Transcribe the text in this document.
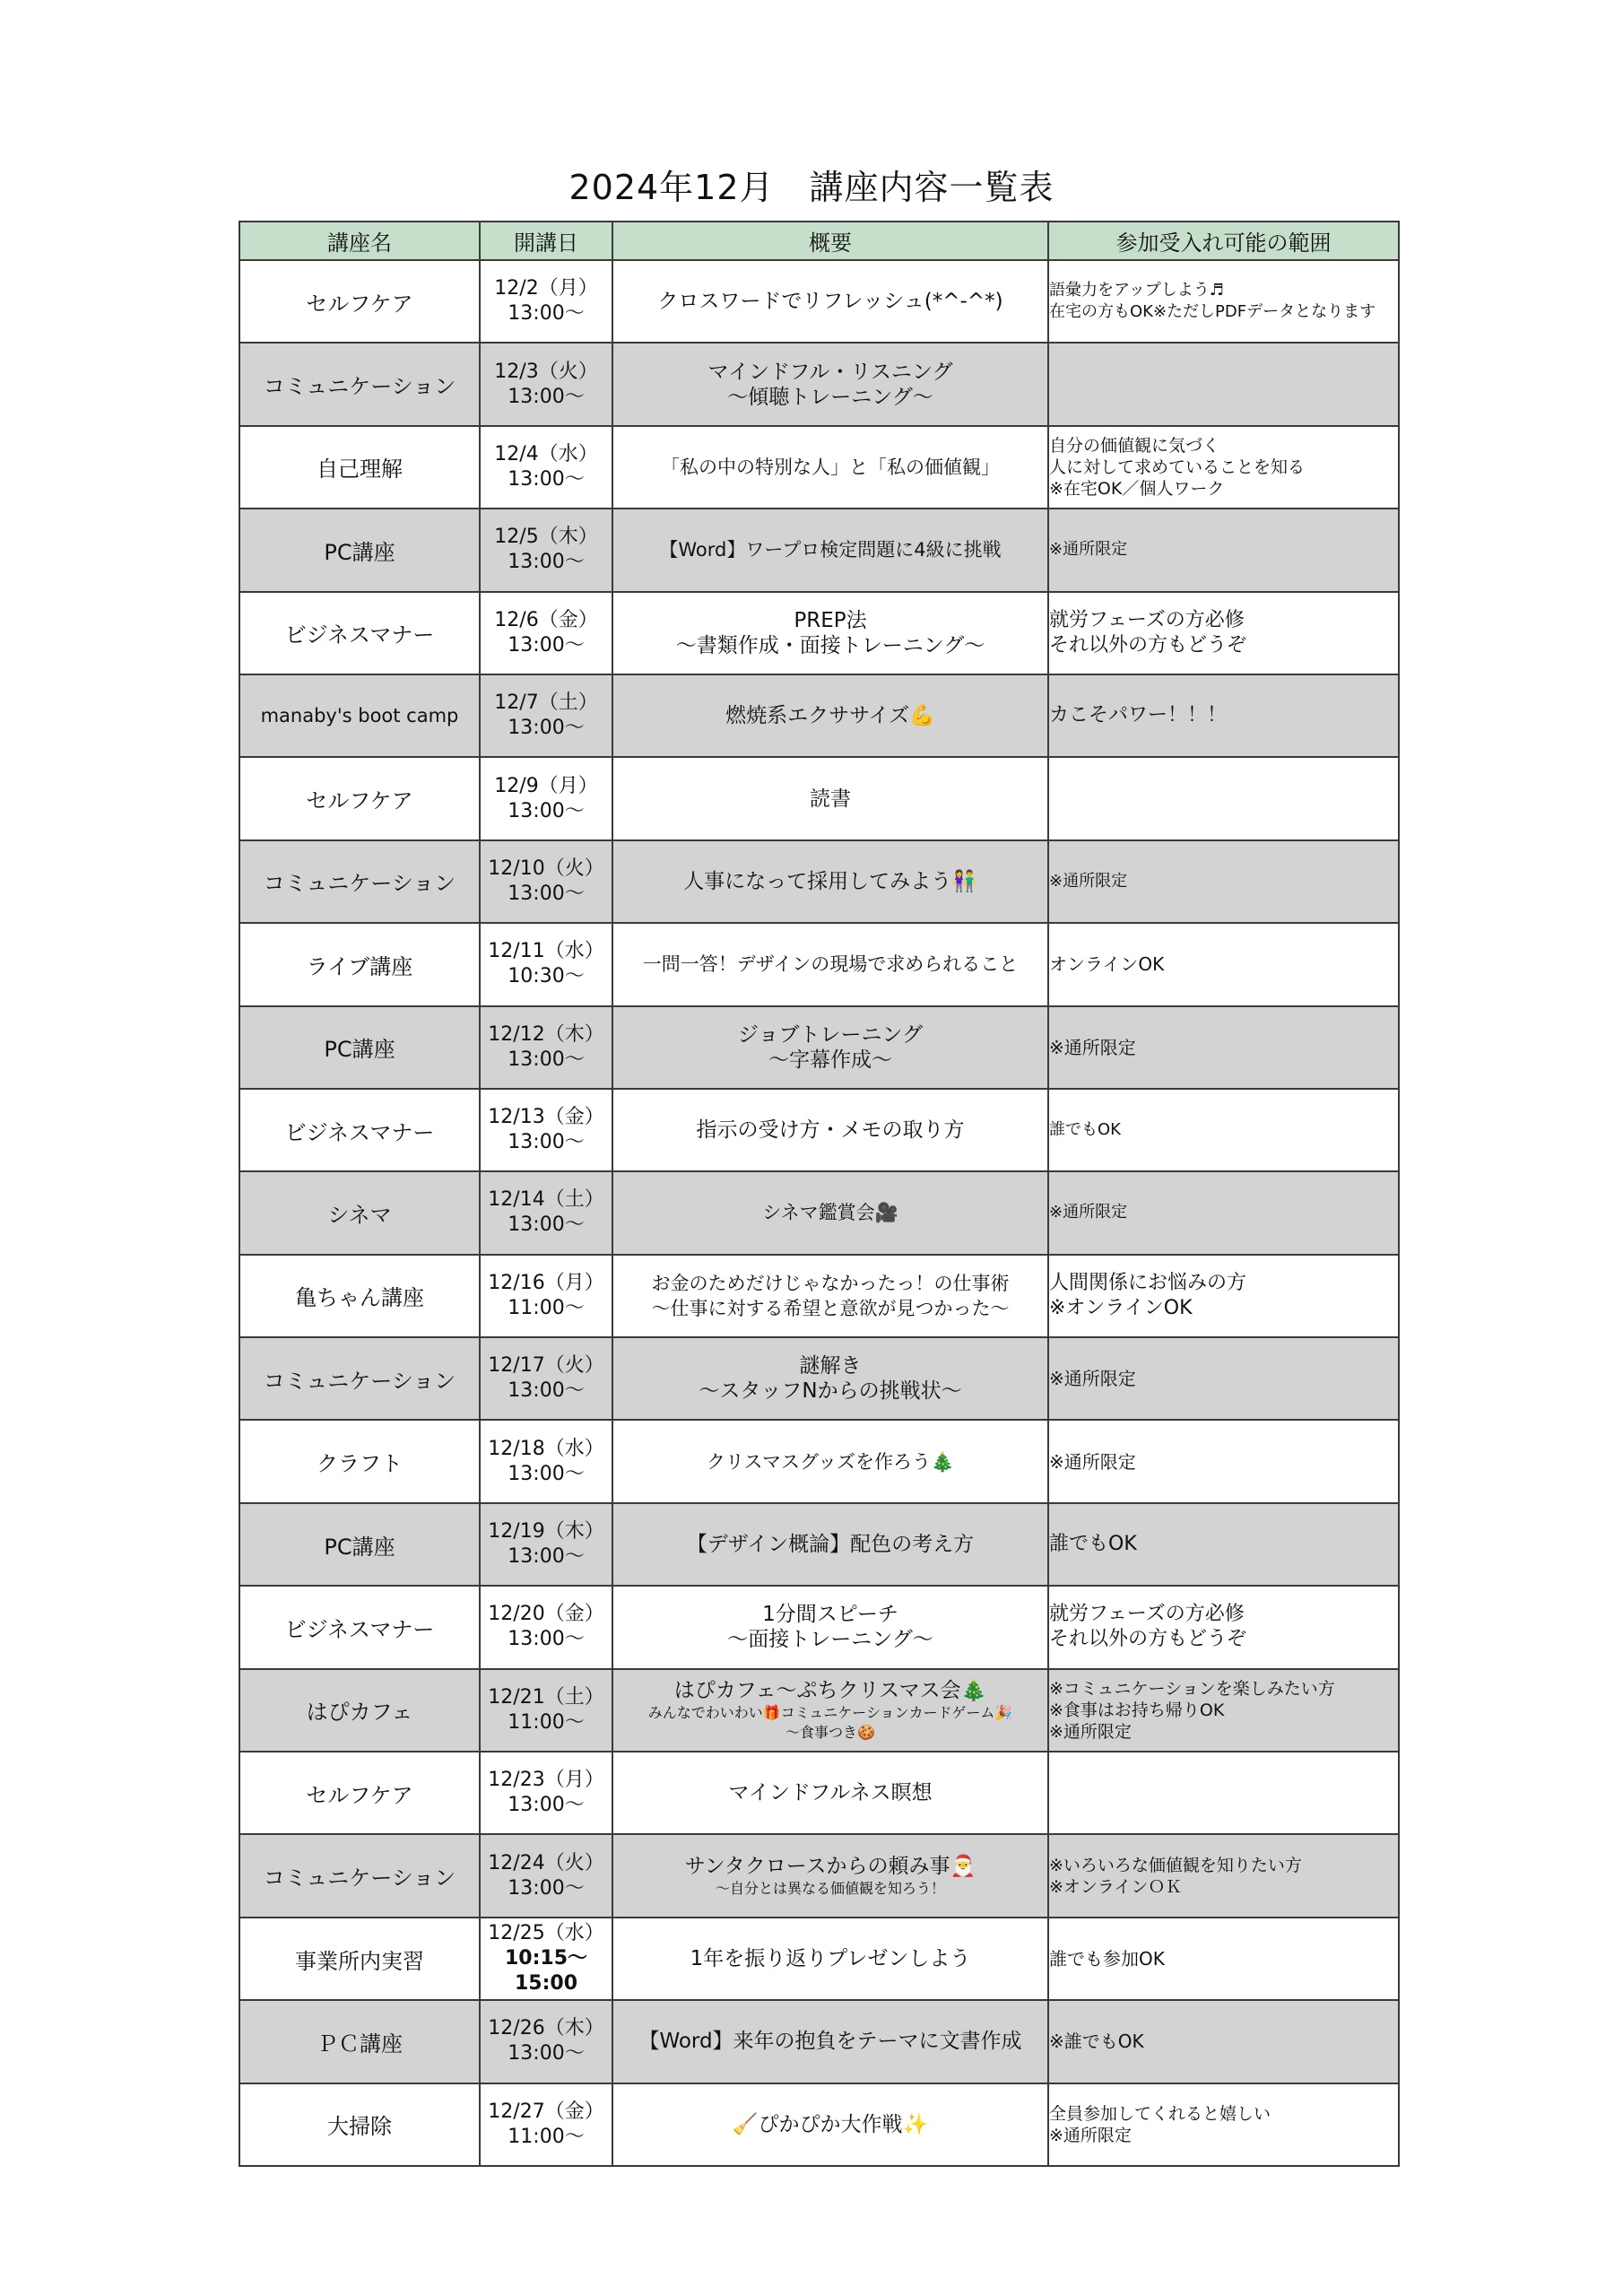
2024年12月　講座内容一覧表
講座名	開講日	概要	参加受入れ可能の範囲
セルフケア	12/2（月）
13:00～	クロスワードでリフレッシュ(*^-^*)	語彙力をアップしよう♬
在宅の方もOK※ただしPDFデータとなります

コミュニケーション	12/3（火）
13:00～	マインドフル・リスニング
～傾聴トレーニング～	

自己理解	12/4（水）
13:00～	「私の中の特別な人」と「私の価値観」	自分の価値観に気づく
人に対して求めていることを知る
※在宅OK／個人ワーク

PC講座	12/5（木）
13:00～	【Word】ワープロ検定問題に4級に挑戦	※通所限定

ビジネスマナー	12/6（金）
13:00～	PREP法
～書類作成・面接トレーニング～	就労フェーズの方必修
それ以外の方もどうぞ

manaby's boot camp	12/7（土）
13:00～	燃焼系エクササイズ💪	カこそパワー！！！

セルフケア	12/9（月）
13:00～	読書	

コミュニケーション	12/10（火）
13:00～	人事になって採用してみよう👫	※通所限定

ライブ講座	12/11（水）
10:30～	一問一答！デザインの現場で求められること	オンラインOK

PC講座	12/12（木）
13:00～	ジョブトレーニング
～字幕作成～	※通所限定

ビジネスマナー	12/13（金）
13:00～	指示の受け方・メモの取り方	誰でもOK

シネマ	12/14（土）
13:00～	シネマ鑑賞会🎥	※通所限定

亀ちゃん講座	12/16（月）
11:00～	お金のためだけじゃなかったっ！の仕事術
～仕事に対する希望と意欲が見つかった～	人間関係にお悩みの方
※オンラインOK

コミュニケーション	12/17（火）
13:00～	謎解き
～スタッフNからの挑戦状～	※通所限定

クラフト	12/18（水）
13:00～	クリスマスグッズを作ろう🎄	※通所限定

PC講座	12/19（木）
13:00～	【デザイン概論】配色の考え方	誰でもOK

ビジネスマナー	12/20（金）
13:00～	1分間スピーチ
～面接トレーニング～	就労フェーズの方必修
それ以外の方もどうぞ

はぴカフェ	12/21（土）
11:00～	はぴカフェ～ぷちクリスマス会🎄
みんなでわいわい🎁コミュニケーションカードゲーム🎉
～食事つき🍪	※コミュニケーションを楽しみたい方
※食事はお持ち帰りOK
※通所限定

セルフケア	12/23（月）
13:00～	マインドフルネス瞑想	

コミュニケーション	12/24（火）
13:00～	サンタクロースからの頼み事🎅
～自分とは異なる価値観を知ろう！	※いろいろな価値観を知りたい方
※オンラインＯＫ

事業所内実習	12/25（水）
10:15～15:00	1年を振り返りプレゼンしよう	誰でも参加OK

ＰＣ講座	12/26（木）
13:00～	【Word】来年の抱負をテーマに文書作成	※誰でもOK

大掃除	12/27（金）
11:00～	🧹ぴかぴか大作戦✨	全員参加してくれると嬉しい
※通所限定
